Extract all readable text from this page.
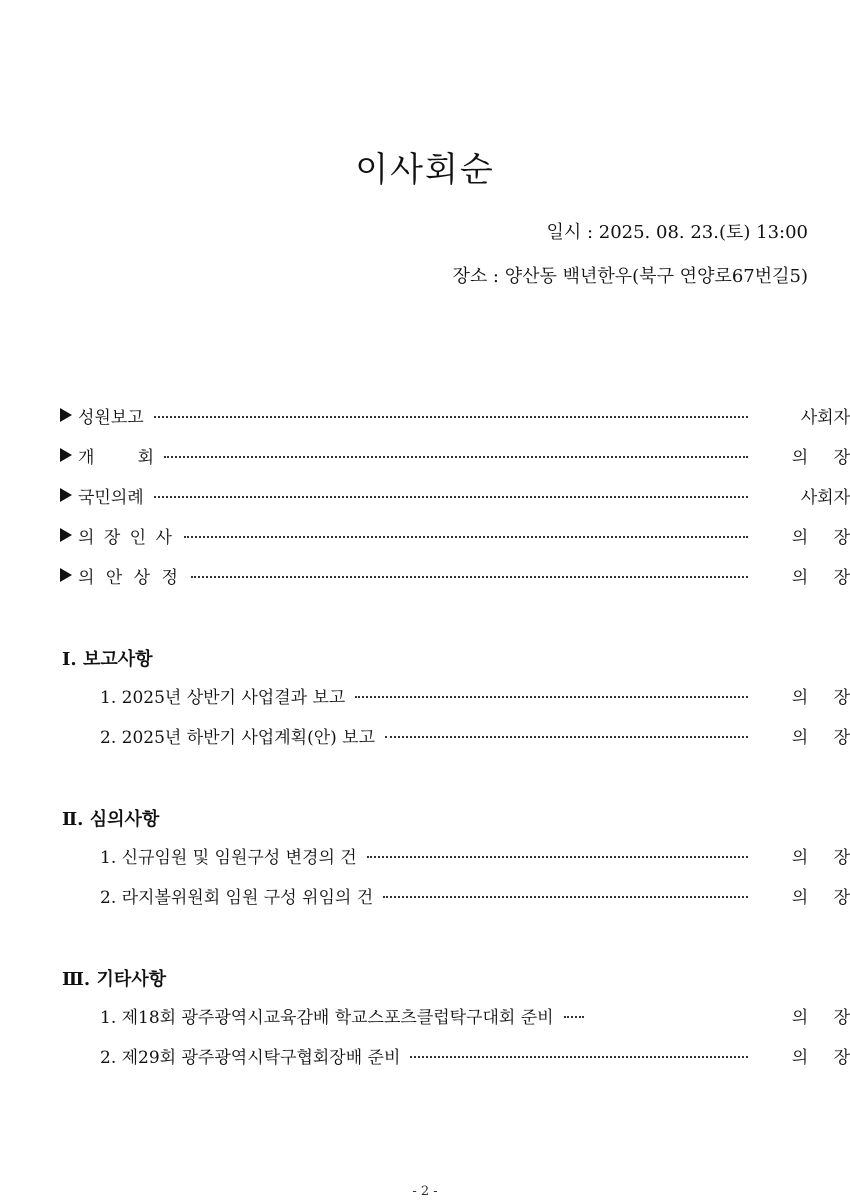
이사회순
일시 : 2025. 08. 23.(토) 13:00
장소 : 양산동 백년한우(북구 연양로67번길5)
성원보고	사회자
개        회	의 장
국민의례	사회자
의 장 인 사	의 장
의 안 상 정	의 장
Ⅰ. 보고사항
1. 2025년 상반기 사업결과 보고	의 장
2. 2025년 하반기 사업계획(안) 보고	의 장
Ⅱ. 심의사항
1. 신규임원 및 임원구성 변경의 건	의 장
2. 라지볼위원회 임원 구성 위임의 건	의 장
Ⅲ. 기타사항
1. 제18회 광주광역시교육감배 학교스포츠클럽탁구대회 준비	의 장
2. 제29회 광주광역시탁구협회장배 준비	의 장
- 2 -
